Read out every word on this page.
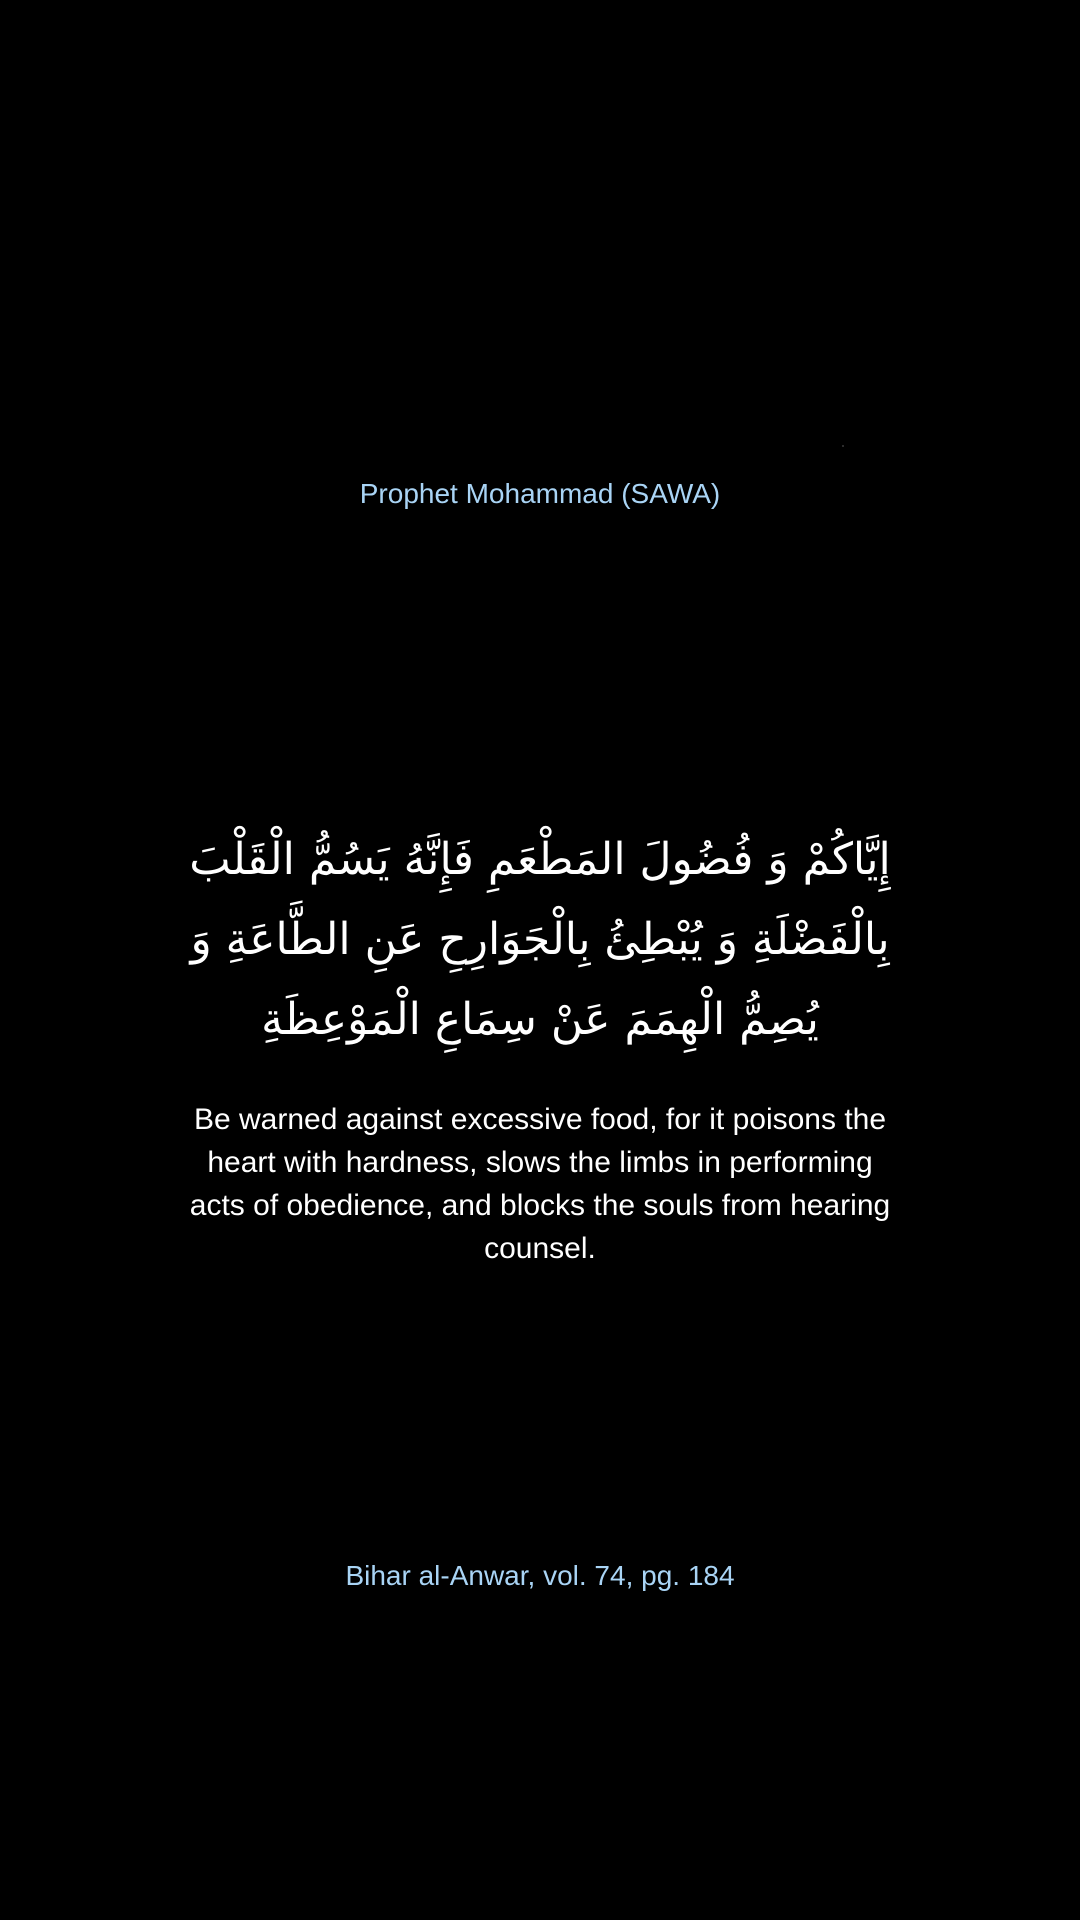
Prophet Mohammad (SAWA)
إِيَّاكُمْ وَ فُضُولَ المَطْعَمِ فَإِنَّهُ يَسُمُّ الْقَلْبَ بِالْفَضْلَةِ وَ يُبْطِئُ بِالْجَوَارِحِ عَنِ الطَّاعَةِ وَ يُصِمُّ الْهِمَمَ عَنْ سِمَاعِ الْمَوْعِظَةِ
Be warned against excessive food, for it poisons the heart with hardness, slows the limbs in performing acts of obedience, and blocks the souls from hearing counsel.
Bihar al-Anwar, vol. 74, pg. 184
